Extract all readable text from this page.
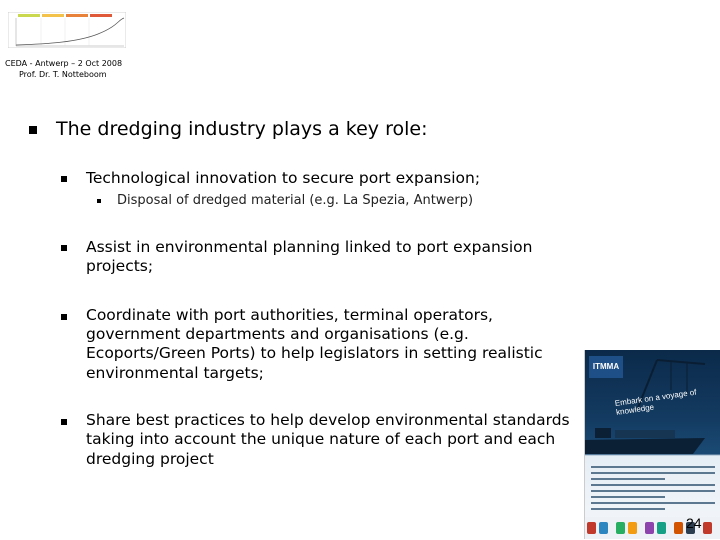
CEDA - Antwerp – 2 Oct 2008
Prof. Dr. T. Notteboom
The dredging industry plays a key role:
Technological innovation to secure port expansion;
Disposal of dredged material (e.g. La Spezia, Antwerp)
Assist in environmental planning linked to port expansion
projects;
Coordinate with port authorities, terminal operators,
government departments and organisations (e.g.
Ecoports/Green Ports) to help legislators in setting realistic
environmental targets;
Share best practices to help develop environmental standards
taking into account the unique nature of each port and each
dredging project
ITMMA
Embark on a voyage of knowledge

24
